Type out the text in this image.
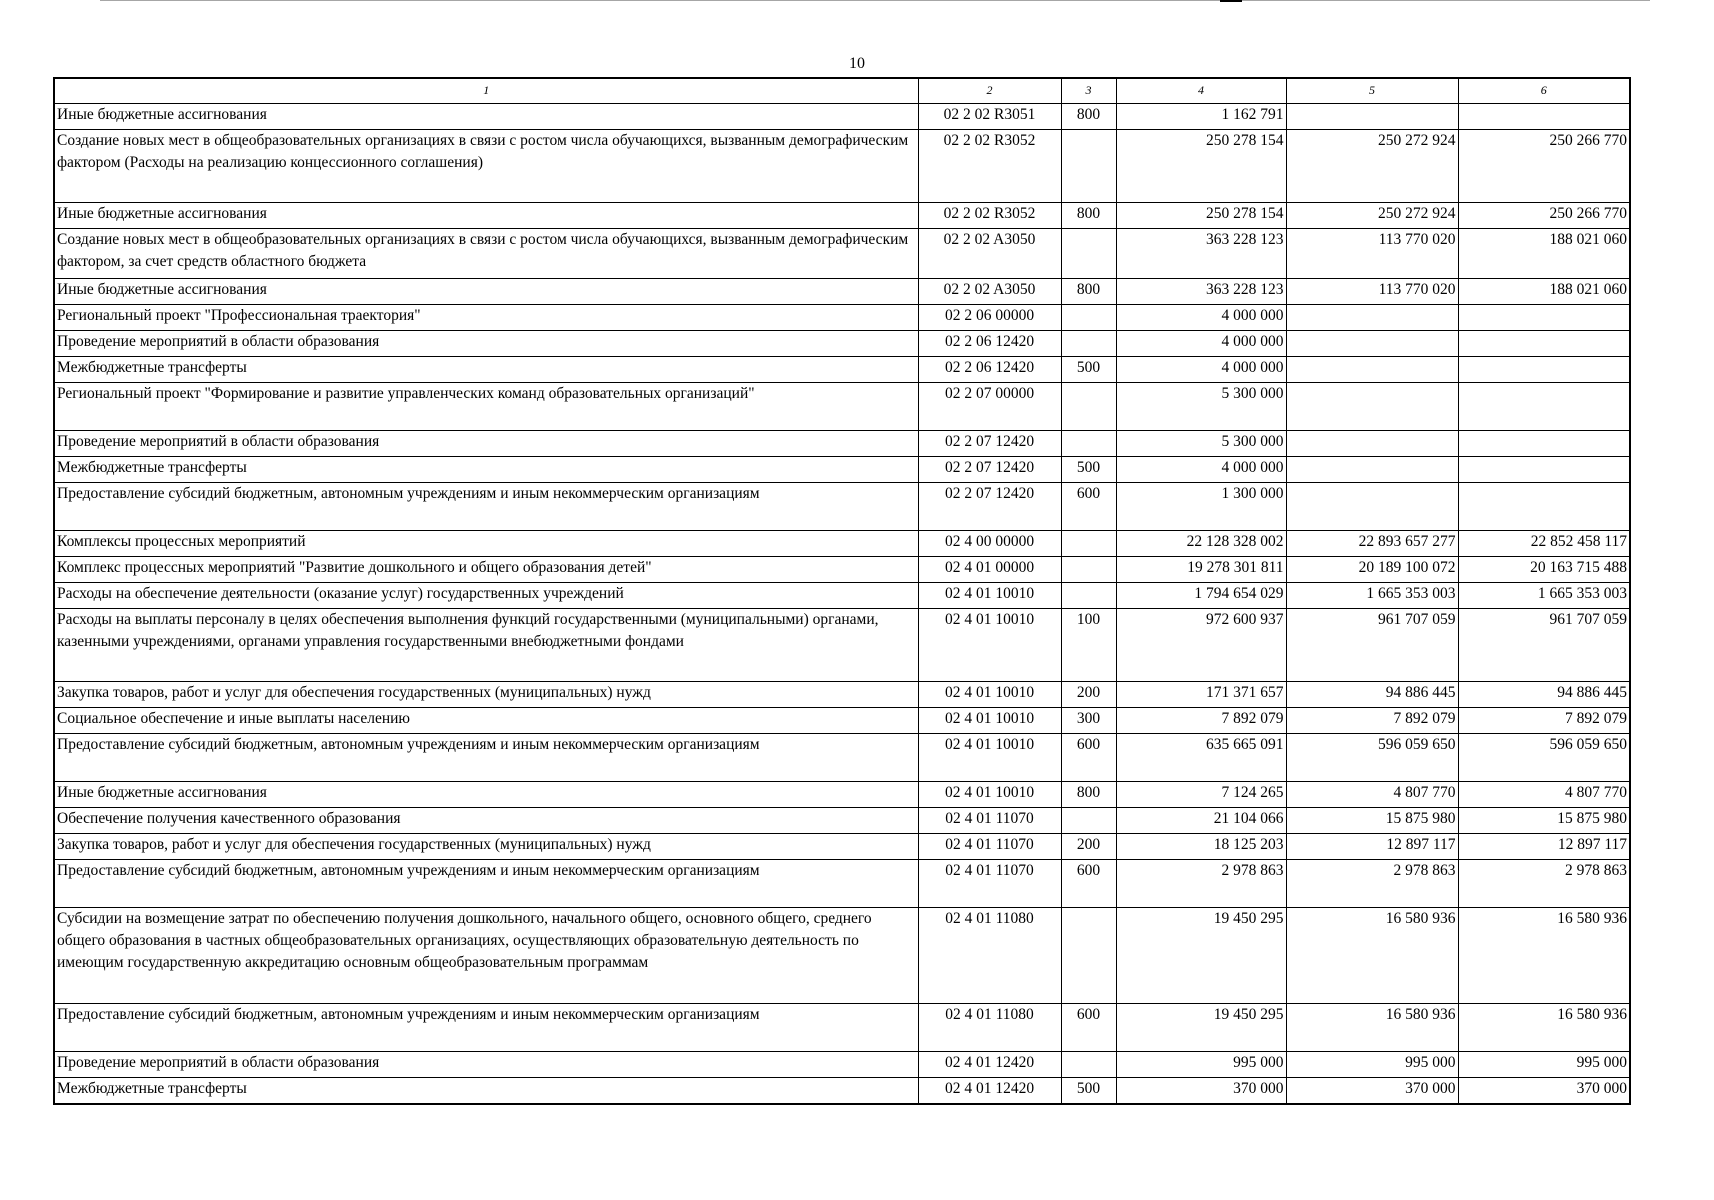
10
1	2	3	4	5	6
Иные бюджетные ассигнования	02 2 02 R3051	800	1 162 791		
Создание новых мест в общеобразовательных организациях в связи с ростом числа обучающихся, вызванным демографическим фактором (Расходы на реализацию концессионного соглашения)	02 2 02 R3052		250 278 154	250 272 924	250 266 770
Иные бюджетные ассигнования	02 2 02 R3052	800	250 278 154	250 272 924	250 266 770
Создание новых мест в общеобразовательных организациях в связи с ростом числа обучающихся, вызванным демографическим фактором, за счет средств областного бюджета	02 2 02 A3050		363 228 123	113 770 020	188 021 060
Иные бюджетные ассигнования	02 2 02 A3050	800	363 228 123	113 770 020	188 021 060
Региональный проект "Профессиональная траектория"	02 2 06 00000		4 000 000		
Проведение мероприятий в области образования	02 2 06 12420		4 000 000		
Межбюджетные трансферты	02 2 06 12420	500	4 000 000		
Региональный проект "Формирование и развитие управленческих команд образовательных организаций"	02 2 07 00000		5 300 000		
Проведение мероприятий в области образования	02 2 07 12420		5 300 000		
Межбюджетные трансферты	02 2 07 12420	500	4 000 000		
Предоставление субсидий бюджетным, автономным учреждениям и иным некоммерческим организациям	02 2 07 12420	600	1 300 000		
Комплексы процессных мероприятий	02 4 00 00000		22 128 328 002	22 893 657 277	22 852 458 117
Комплекс процессных мероприятий "Развитие дошкольного и общего образования детей"	02 4 01 00000		19 278 301 811	20 189 100 072	20 163 715 488
Расходы на обеспечение деятельности (оказание услуг) государственных учреждений	02 4 01 10010		1 794 654 029	1 665 353 003	1 665 353 003
Расходы на выплаты персоналу в целях обеспечения выполнения функций государственными (муниципальными) органами, казенными учреждениями, органами управления государственными внебюджетными фондами	02 4 01 10010	100	972 600 937	961 707 059	961 707 059
Закупка товаров, работ и услуг для обеспечения государственных (муниципальных) нужд	02 4 01 10010	200	171 371 657	94 886 445	94 886 445
Социальное обеспечение и иные выплаты населению	02 4 01 10010	300	7 892 079	7 892 079	7 892 079
Предоставление субсидий бюджетным, автономным учреждениям и иным некоммерческим организациям	02 4 01 10010	600	635 665 091	596 059 650	596 059 650
Иные бюджетные ассигнования	02 4 01 10010	800	7 124 265	4 807 770	4 807 770
Обеспечение получения качественного образования	02 4 01 11070		21 104 066	15 875 980	15 875 980
Закупка товаров, работ и услуг для обеспечения государственных (муниципальных) нужд	02 4 01 11070	200	18 125 203	12 897 117	12 897 117
Предоставление субсидий бюджетным, автономным учреждениям и иным некоммерческим организациям	02 4 01 11070	600	2 978 863	2 978 863	2 978 863
Субсидии на возмещение затрат по обеспечению получения дошкольного, начального общего, основного общего, среднего общего образования в частных общеобразовательных организациях, осуществляющих образовательную деятельность по имеющим государственную аккредитацию основным общеобразовательным программам	02 4 01 11080		19 450 295	16 580 936	16 580 936
Предоставление субсидий бюджетным, автономным учреждениям и иным некоммерческим организациям	02 4 01 11080	600	19 450 295	16 580 936	16 580 936
Проведение мероприятий в области образования	02 4 01 12420		995 000	995 000	995 000
Межбюджетные трансферты	02 4 01 12420	500	370 000	370 000	370 000
